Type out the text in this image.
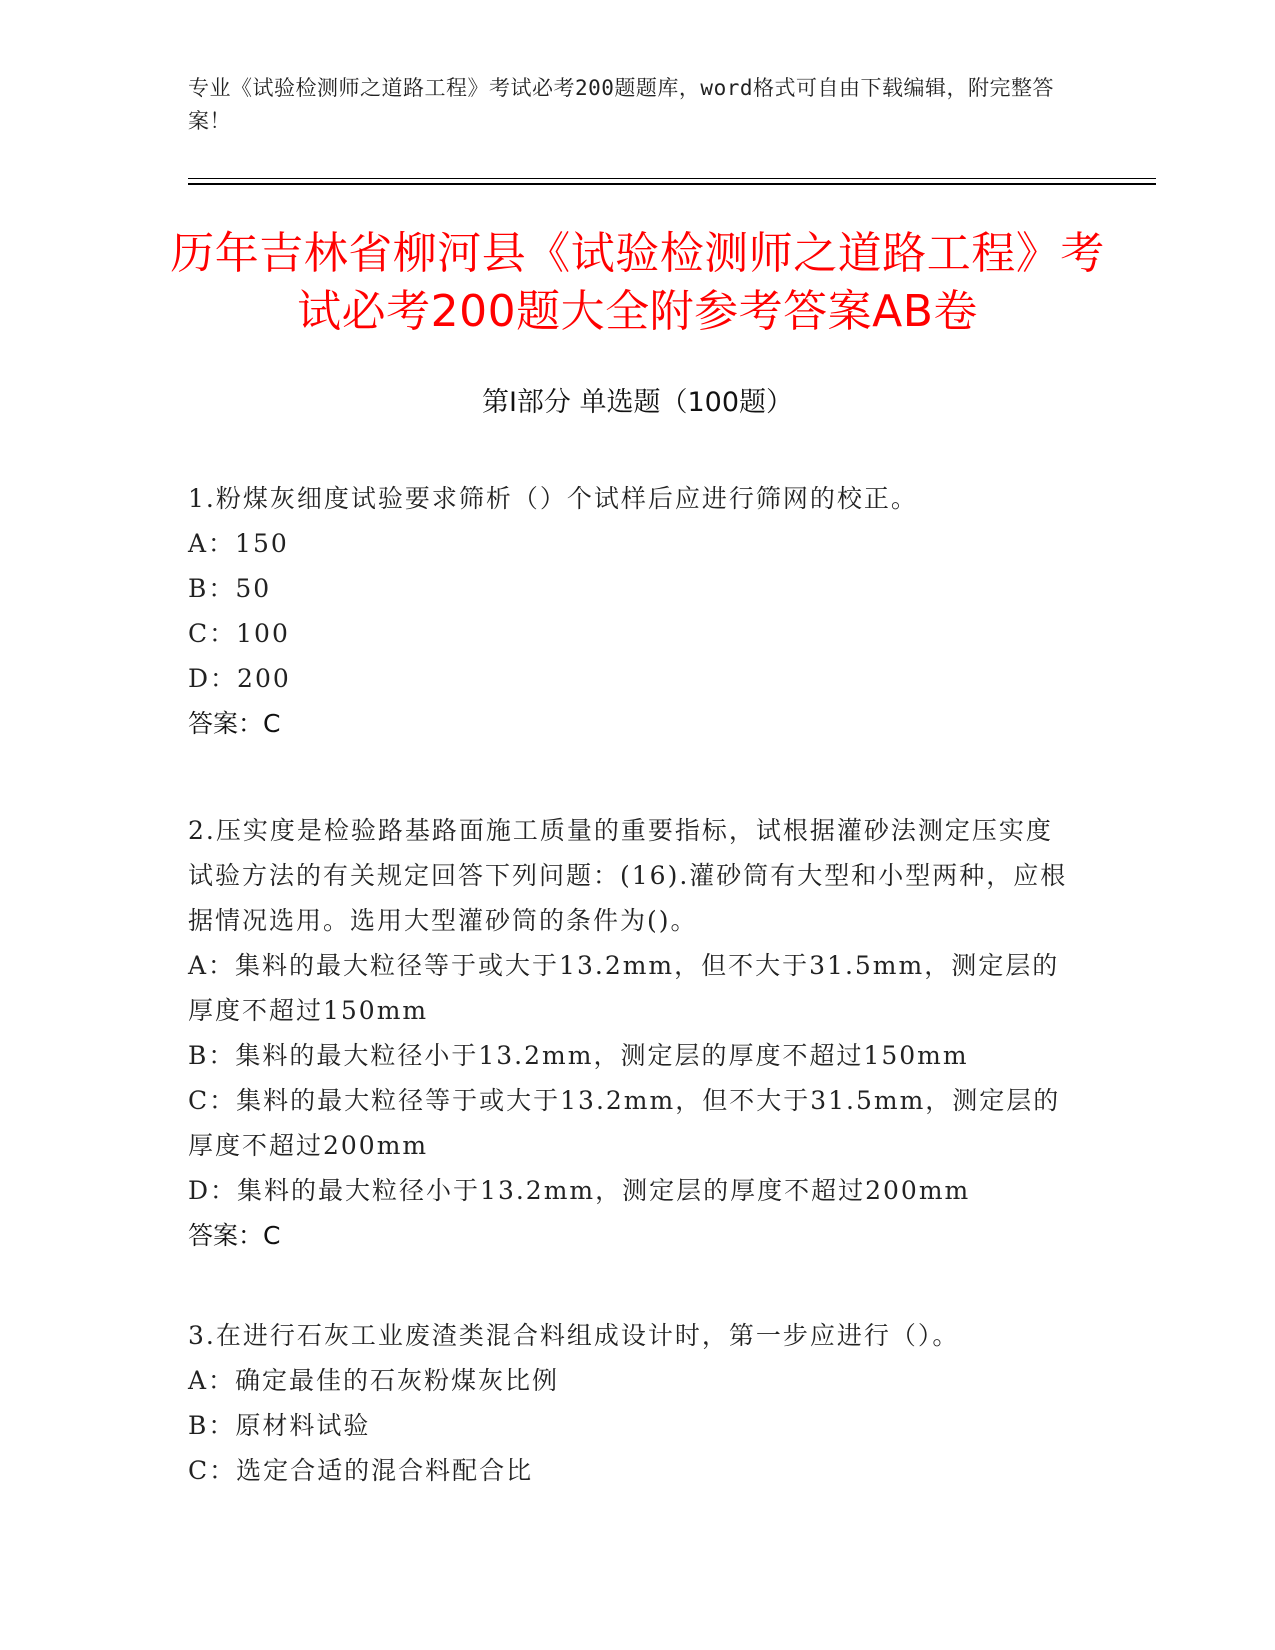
专业《试验检测师之道路工程》考试必考200题题库，word格式可自由下载编辑，附完整答案！
历年吉林省柳河县《试验检测师之道路工程》考试必考200题大全附参考答案AB卷
第Ⅰ部分 单选题（100题）
1.粉煤灰细度试验要求筛析（）个试样后应进行筛网的校正。
A：150
B：50
C：100
D：200
答案：C
2.压实度是检验路基路面施工质量的重要指标，试根据灌砂法测定压实度试验方法的有关规定回答下列问题：(16).灌砂筒有大型和小型两种，应根据情况选用。选用大型灌砂筒的条件为()。
A：集料的最大粒径等于或大于13.2mm，但不大于31.5mm，测定层的厚度不超过150mm
B：集料的最大粒径小于13.2mm，测定层的厚度不超过150mm
C：集料的最大粒径等于或大于13.2mm，但不大于31.5mm，测定层的厚度不超过200mm
D：集料的最大粒径小于13.2mm，测定层的厚度不超过200mm
答案：C
3.在进行石灰工业废渣类混合料组成设计时，第一步应进行（）。
A：确定最佳的石灰粉煤灰比例
B：原材料试验
C：选定合适的混合料配合比
